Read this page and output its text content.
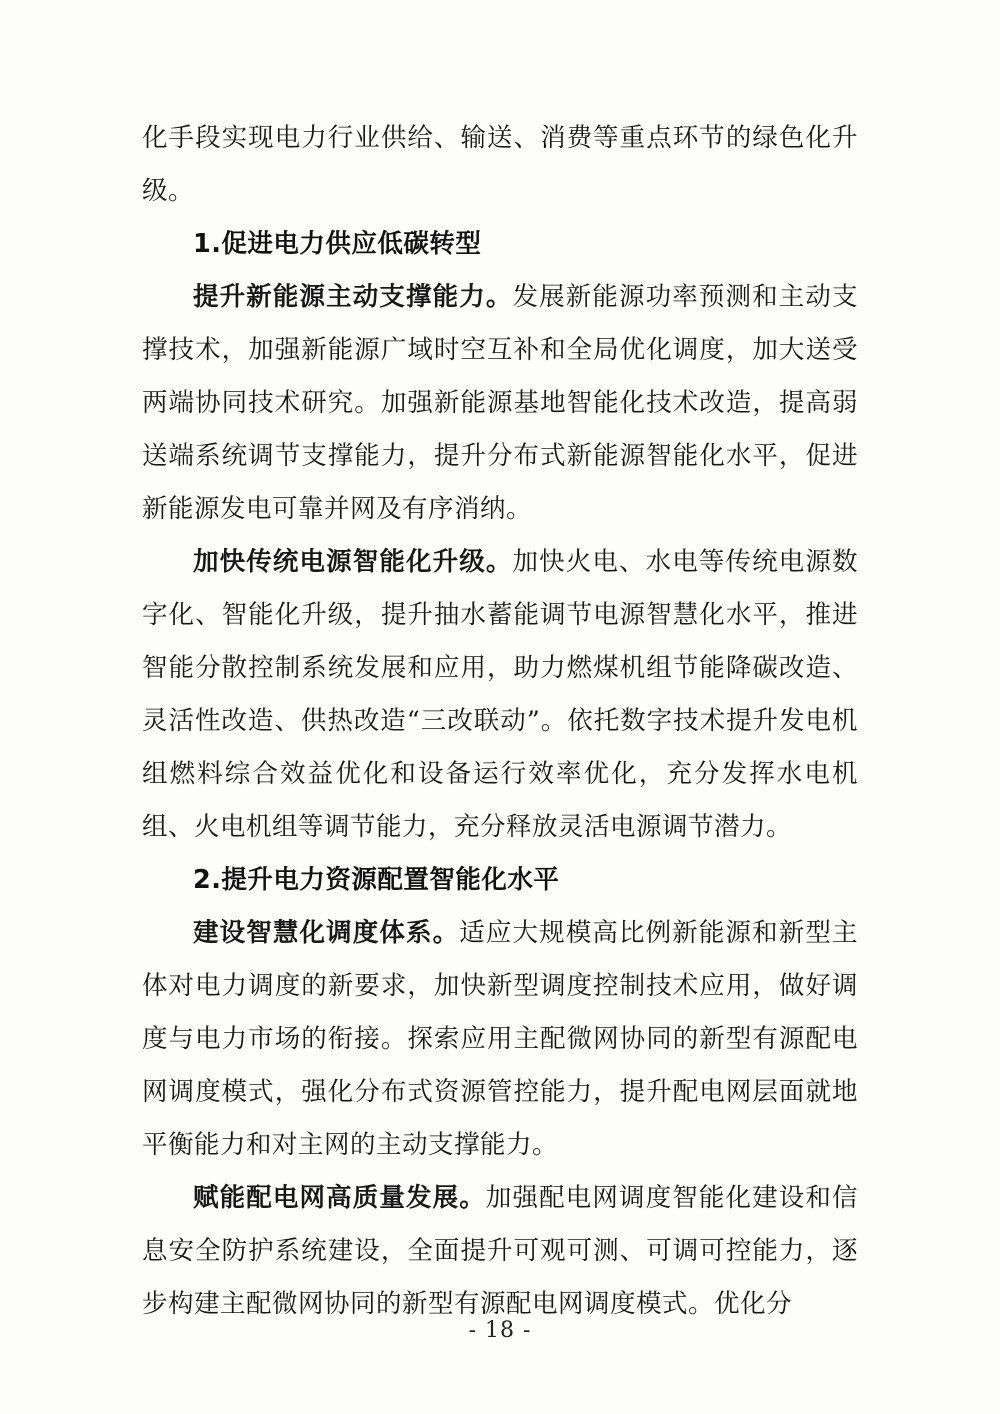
化手段实现电力行业供给、输送、消费等重点环节的绿色化升级。

1.促进电力供应低碳转型

提升新能源主动支撑能力。发展新能源功率预测和主动支撑技术，加强新能源广域时空互补和全局优化调度，加大送受两端协同技术研究。加强新能源基地智能化技术改造，提高弱送端系统调节支撑能力，提升分布式新能源智能化水平，促进新能源发电可靠并网及有序消纳。

加快传统电源智能化升级。加快火电、水电等传统电源数字化、智能化升级，提升抽水蓄能调节电源智慧化水平，推进智能分散控制系统发展和应用，助力燃煤机组节能降碳改造、灵活性改造、供热改造“三改联动”。依托数字技术提升发电机组燃料综合效益优化和设备运行效率优化，充分发挥水电机组、火电机组等调节能力，充分释放灵活电源调节潜力。

2.提升电力资源配置智能化水平

建设智慧化调度体系。适应大规模高比例新能源和新型主体对电力调度的新要求，加快新型调度控制技术应用，做好调度与电力市场的衔接。探索应用主配微网协同的新型有源配电网调度模式，强化分布式资源管控能力，提升配电网层面就地平衡能力和对主网的主动支撑能力。

赋能配电网高质量发展。加强配电网调度智能化建设和信息安全防护系统建设，全面提升可观可测、可调可控能力，逐步构建主配微网协同的新型有源配电网调度模式。优化分

- 18 -
